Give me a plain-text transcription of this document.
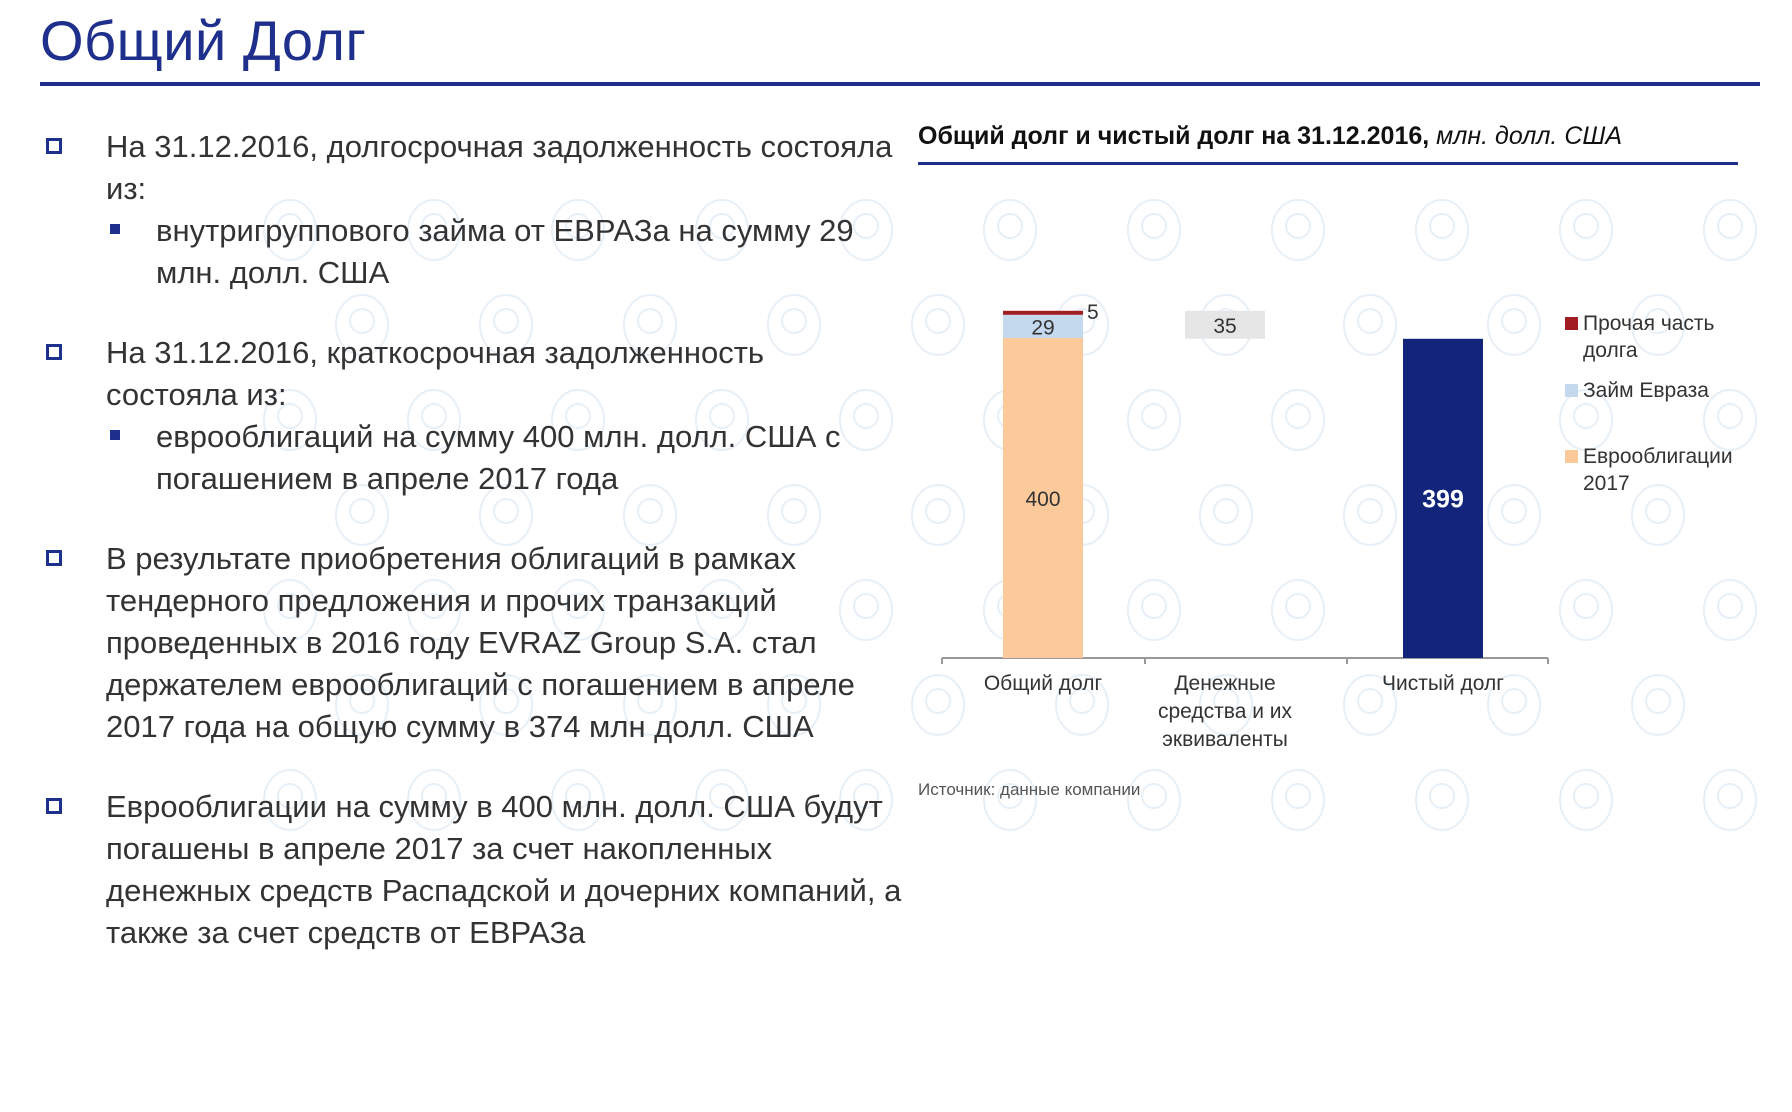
Общий Долг
На 31.12.2016, долгосрочная задолженность состояла из:
внутригруппового займа от ЕВРАЗа на сумму 29 млн. долл. США
На 31.12.2016, краткосрочная задолженность состояла из:
еврооблигаций на сумму 400 млн. долл. США с погашением в апреле 2017 года
В результате приобретения облигаций в рамках тендерного предложения и прочих транзакций проведенных в 2016 году EVRAZ Group S.A. стал держателем еврооблигаций с погашением в апреле 2017 года на общую сумму в 374 млн долл. США
Еврооблигации на сумму в 400 млн. долл. США будут погашены в апреле 2017 за счет накопленных денежных средств Распадской и дочерних компаний, а также за счет средств от ЕВРАЗа
Общий долг и чистый долг на 31.12.2016, млн. долл. США
400
29
5
35
399
Общий долг	Денежные
средства и их
эквиваленты
Чистый долг
Прочая часть
долга
Займ Евраза
Еврооблигации
2017
Источник: данные компании
